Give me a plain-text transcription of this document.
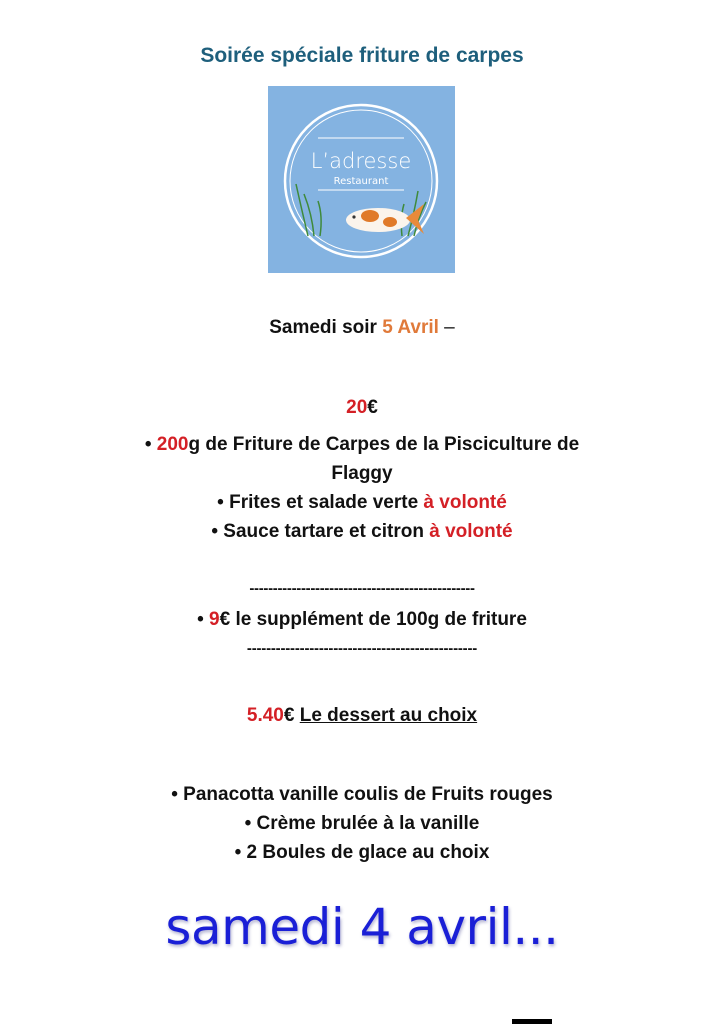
Soirée spéciale friture de carpes
L’adresse
Restaurant
Samedi soir 5 Avril –
20€
• 200g de Friture de Carpes de la Pisciculture de
Flaggy
• Frites et salade verte à volonté
• Sauce tartare et citron à volonté
------------------------------------------------
• 9€ le supplément de 100g de friture
------------------------------------------------
5.40€ Le dessert au choix
• Panacotta vanille coulis de Fruits rouges
• Crème brulée à la vanille
• 2 Boules de glace au choix
samedi 4 avril...
